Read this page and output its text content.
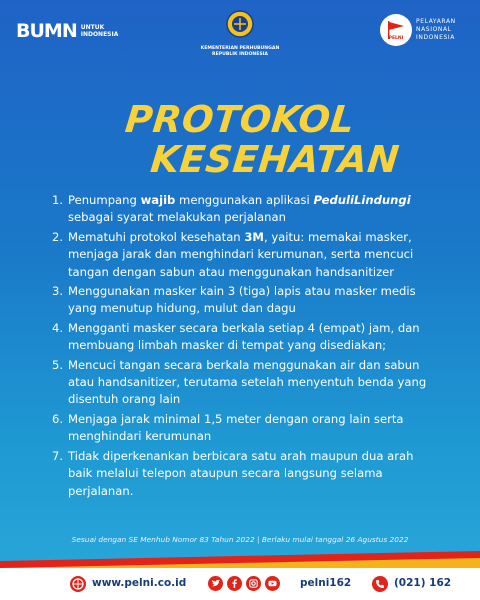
BUMN UNTUK
INDONESIA
KEMENTERIAN PERHUBUNGAN
REPUBLIK INDONESIA
PELNI
PELAYARAN
NASIONAL
INDONESIA
PROTOKOL
KESEHATAN
1. Penumpang wajib menggunakan aplikasi PeduliLindungi sebagai syarat melakukan perjalanan
2. Mematuhi protokol kesehatan 3M, yaitu: memakai masker, menjaga jarak dan menghindari kerumunan, serta mencuci tangan dengan sabun atau menggunakan handsanitizer
3. Menggunakan masker kain 3 (tiga) lapis atau masker medis yang menutup hidung, mulut dan dagu
4. Mengganti masker secara berkala setiap 4 (empat) jam, dan membuang limbah masker di tempat yang disediakan;
5. Mencuci tangan secara berkala menggunakan air dan sabun atau handsanitizer, terutama setelah menyentuh benda yang disentuh orang lain
6. Menjaga jarak minimal 1,5 meter dengan orang lain serta menghindari kerumunan
7. Tidak diperkenankan berbicara satu arah maupun dua arah baik melalui telepon ataupun secara langsung selama perjalanan.
Sesuai dengan SE Menhub Nomor 83 Tahun 2022 | Berlaku mulai tanggal 26 Agustus 2022
www.pelni.co.id	pelni162	(021) 162
